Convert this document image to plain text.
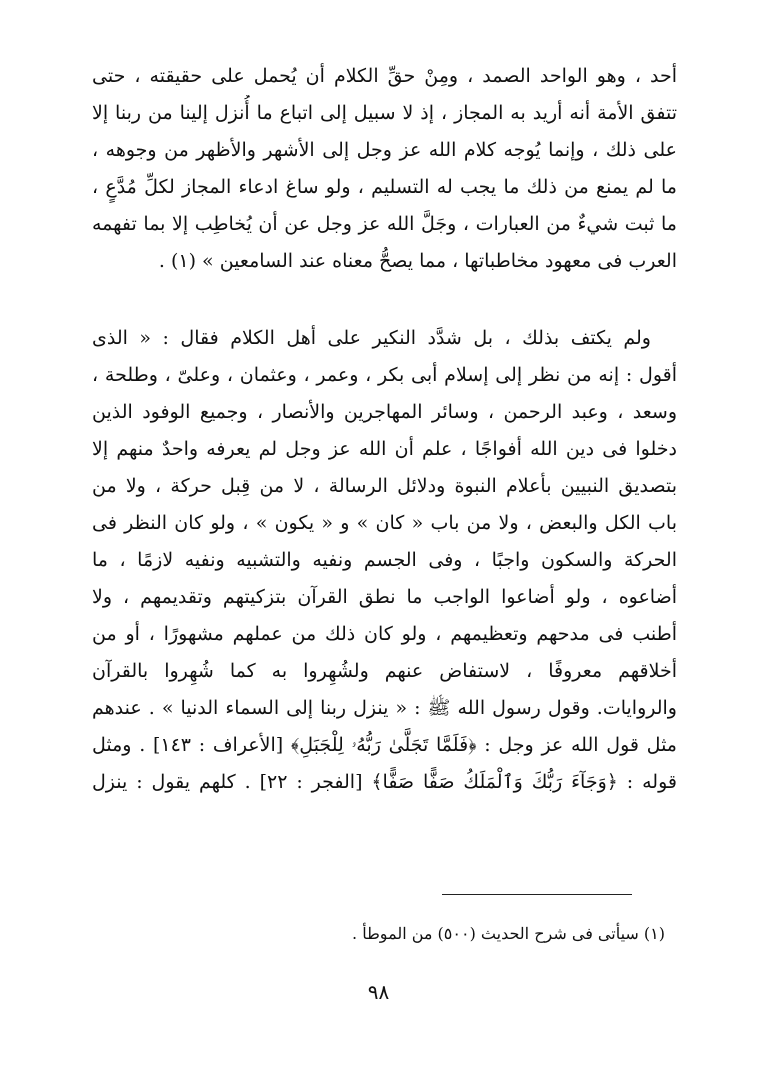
أحد ، وهو الواحد الصمد ، ومِنْ حقِّ الكلام أن يُحمل على حقيقته ، حتى
تتفق الأمة أنه أريد به المجاز ، إذ لا سبيل إلى اتباع ما أُنزل إلينا من ربنا إلا
على ذلك ، وإنما يُوجه كلام الله عز وجل إلى الأشهر والأظهر من وجوهه ،
ما لم يمنع من ذلك ما يجب له التسليم ، ولو ساغ ادعاء المجاز لكلِّ مُدَّعٍ ،
ما ثبت شيءٌ من العبارات ، وجَلَّ الله عز وجل عن أن يُخاطِب إلا بما تفهمه
العرب فى معهود مخاطباتها ، مما يصحُّ معناه عند السامعين » (١) .
ولم يكتف بذلك ، بل شدَّد النكير على أهل الكلام فقال : « الذى
أقول : إنه من نظر إلى إسلام أبى بكر ، وعمر ، وعثمان ، وعلىّ ، وطلحة ،
وسعد ، وعبد الرحمن ، وسائر المهاجرين والأنصار ، وجميع الوفود الذين
دخلوا فى دين الله أفواجًا ، علم أن الله عز وجل لم يعرفه واحدٌ منهم إلا
بتصديق النبيين بأعلام النبوة ودلائل الرسالة ، لا من قِبل حركة ، ولا من
باب الكل والبعض ، ولا من باب « كان » و « يكون » ، ولو كان النظر فى
الحركة والسكون واجبًا ، وفى الجسم ونفيه والتشبيه ونفيه لازمًا ، ما
أضاعوه ، ولو أضاعوا الواجب ما نطق القرآن بتزكيتهم وتقديمهم ، ولا
أطنب فى مدحهم وتعظيمهم ، ولو كان ذلك من عملهم مشهورًا ، أو من
أخلاقهم معروفًا ، لاستفاض عنهم ولشُهِروا به كما شُهِروا بالقرآن
والروايات. وقول رسول الله ﷺ : « ينزل ربنا إلى السماء الدنيا » . عندهم
مثل قول الله عز وجل : ﴿فَلَمَّا تَجَلَّىٰ رَبُّهُۥ لِلْجَبَلِ﴾ [الأعراف : ١٤٣] . ومثل
قوله : ﴿وَجَآءَ رَبُّكَ وَٱلْمَلَكُ صَفًّا صَفًّا﴾ [الفجر : ٢٢] . كلهم يقول : ينزل
(١) سيأتى فى شرح الحديث (٥٠٠) من الموطأ .
٩٨
